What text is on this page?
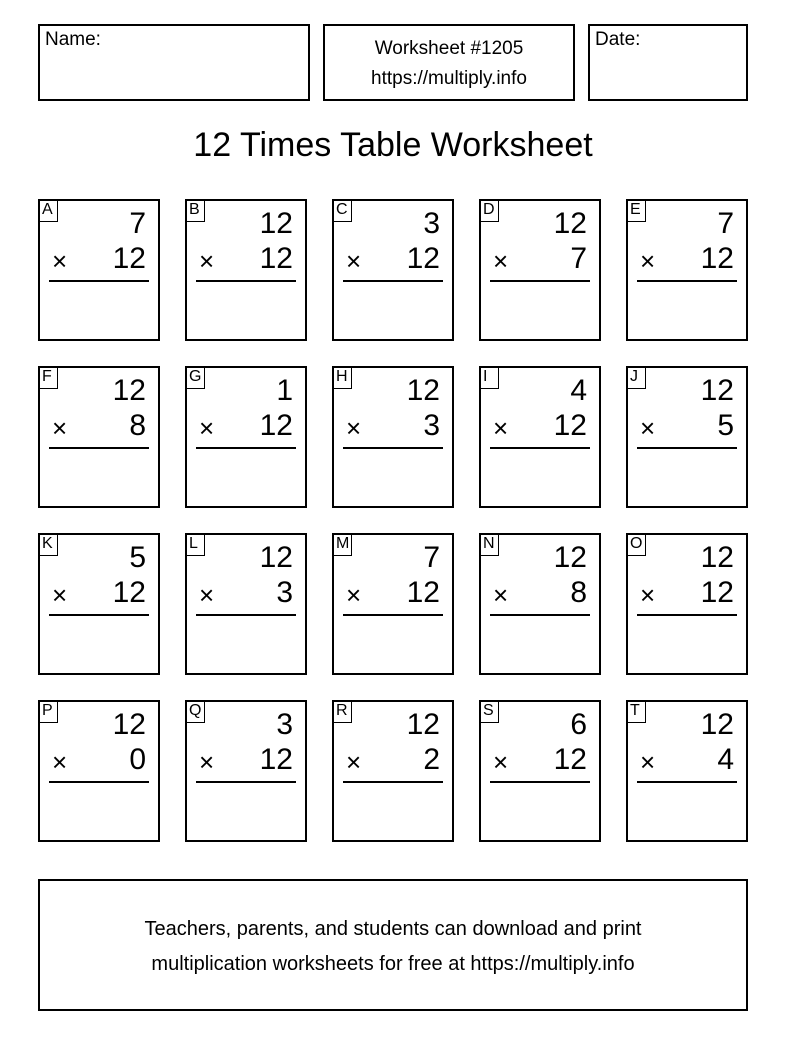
Name:	Worksheet #1205
https://multiply.info
Date:
12 Times Table Worksheet
A	7
× 12
B 12
× 12
C	3
× 12
D 12
× 7
E	7
× 12
F 12
× 8
G 1
× 12
H 12
× 3
I	4
× 12
J 12
× 5
K	5
× 12
L 12
× 3
M 7
× 12
N 12
× 8
O 12
× 12
P 12
× 0
Q 3
× 12
R 12
× 2
S	6
× 12
T 12
× 4
Teachers, parents, and students can download and print
multiplication worksheets for free at https://multiply.info
